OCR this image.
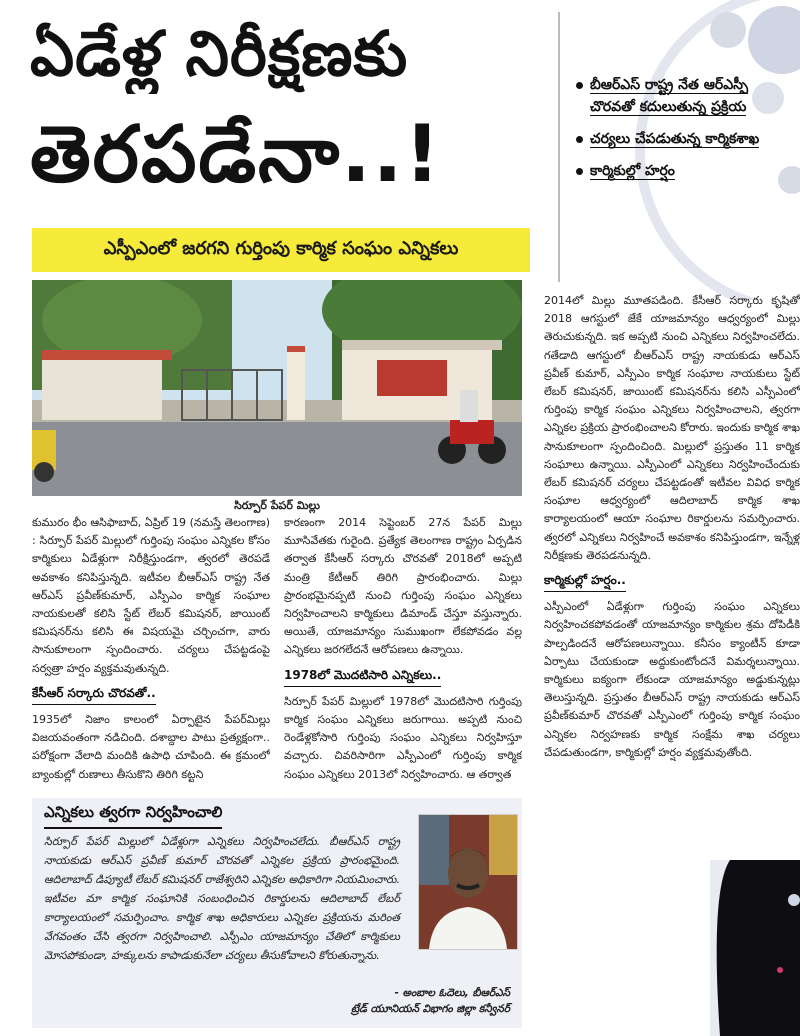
ఏడేళ్ల నిరీక్షణకు
తెరపడేనా..!
ఎస్పీఎంలో జరగని గుర్తింపు కార్మిక సంఘం ఎన్నికలు
బీఆర్ఎస్ రాష్ట్ర నేత ఆర్ఎస్పీ చొరవతో కదులుతున్న ప్రక్రియ
చర్యలు చేపడుతున్న కార్మికశాఖ
కార్మికుల్లో హర్షం
సిర్పూర్ పేపర్ మిల్లు
కుమురం భీం ఆసిఫాబాద్, ఏప్రిల్ 19 (నమస్తే తెలంగాణ) : సిర్పూర్ పేపర్ మిల్లులో గుర్తింపు సంఘం ఎన్నికల కోసం కార్మికులు ఏడేళ్లుగా నిరీక్షిస్తుండగా, త్వరలో తెరపడే అవకాశం కనిపిస్తున్నది. ఇటీవల బీఆర్ఎస్ రాష్ట్ర నేత ఆర్ఎస్ ప్రవీణ్‌కుమార్, ఎస్పీఎం కార్మిక సంఘాల నాయకులతో కలిసి స్టేట్ లేబర్ కమిషనర్, జాయింట్ కమిషనర్‌ను కలిసి ఈ విషయమై చర్చించగా, వారు సానుకూలంగా స్పందించారు. చర్యలు చేపట్టడంపై సర్వత్రా హర్షం వ్యక్తమవుతున్నది.
కేసీఆర్ సర్కారు చొరవతో..
1935లో నిజాం కాలంలో ఏర్పాటైన పేపర్‌మిల్లు విజయవంతంగా నడిచింది. దశాబ్దాల పాటు ప్రత్యక్షంగా.. పరోక్షంగా వేలాది మందికి ఉపాధి చూపింది. ఈ క్రమంలో బ్యాంకుల్లో రుణాలు తీసుకొని తిరిగి కట్టని
కారణంగా 2014 సెప్టెంబర్ 27న పేపర్ మిల్లు మూసివేతకు గురైంది. ప్రత్యేక తెలంగాణ రాష్ట్రం ఏర్పడిన తర్వాత కేసీఆర్ సర్కారు చొరవతో 2018లో అప్పటి మంత్రి కేటీఆర్ తిరిగి ప్రారంభించారు. మిల్లు ప్రారంభమైనప్పటి నుంచి గుర్తింపు సంఘం ఎన్నికలు నిర్వహించాలని కార్మికులు డిమాండ్ చేస్తూ వస్తున్నారు. అయితే, యాజమాన్యం సుముఖంగా లేకపోవడం వల్ల ఎన్నికలు జరగలేదనే ఆరోపణలు ఉన్నాయి.
1978లో మొదటిసారి ఎన్నికలు..
సిర్పూర్ పేపర్ మిల్లులో 1978లో మొదటిసారి గుర్తింపు కార్మిక సంఘం ఎన్నికలు జరుగాయి. అప్పటి నుంచి రెండేళ్లకోసారి గుర్తింపు సంఘం ఎన్నికలు నిర్వహిస్తూ వచ్చారు. చివరిసారిగా ఎస్పీఎంలో గుర్తింపు కార్మిక సంఘం ఎన్నికలు 2013లో నిర్వహించారు. ఆ తర్వాత
2014లో మిల్లు మూతపడింది. కేసీఆర్ సర్కారు కృషితో 2018 ఆగస్టులో జేకే యాజమాన్యం ఆధ్వర్యంలో మిల్లు తెరుచుకున్నది. ఇక అప్పటి నుంచి ఎన్నికలు నిర్వహించలేదు. గతేడాది ఆగస్టులో బీఆర్ఎస్ రాష్ట్ర నాయకుడు ఆర్ఎస్ ప్రవీణ్ కుమార్, ఎస్పీఎం కార్మిక సంఘాల నాయకులు స్టేట్ లేబర్ కమిషనర్, జాయింట్ కమిషనర్‌ను కలిసి ఎస్పీఎంలో గుర్తింపు కార్మిక సంఘం ఎన్నికలు నిర్వహించాలని, త్వరగా ఎన్నికల ప్రక్రియ ప్రారంభించాలని కోరారు. ఇందుకు కార్మిక శాఖ సానుకూలంగా స్పందించింది. మిల్లులో ప్రస్తుతం 11 కార్మిక సంఘాలు ఉన్నాయి. ఎస్పీఎంలో ఎన్నికలు నిర్వహించేందుకు లేబర్ కమిషనర్ చర్యలు చేపట్టడంతో ఇటీవల వివిధ కార్మిక సంఘాల ఆధ్వర్యంలో ఆదిలాబాద్ కార్మిక శాఖ కార్యాలయంలో ఆయా సంఘాల రికార్డులను సమర్పించారు. త్వరలో ఎన్నికలు నిర్వహించే అవకాశం కనిపిస్తుండగా, ఇన్నేళ్ల నిరీక్షణకు తెరపడనున్నది.
కార్మికుల్లో హర్షం..
ఎస్పీఎంలో ఏడేళ్లుగా గుర్తింపు సంఘం ఎన్నికలు నిర్వహించకపోవడంతో యాజమాన్యం కార్మికుల శ్రమ దోపిడీకి పాల్పడిందనే ఆరోపణలున్నాయి. కనీసం క్యాంటీన్ కూడా ఏర్పాటు చేయకుండా అద్దుకుంటోందనే విమర్శలున్నాయి. కార్మికులు ఐక్యంగా లేకుండా యాజమాన్యం అడ్డుకున్నట్లు తెలుస్తున్నది. ప్రస్తుతం బీఆర్ఎస్ రాష్ట్ర నాయకుడు ఆర్ఎస్ ప్రవీణ్‌కుమార్ చొరవతో ఎస్పీఎంలో గుర్తింపు కార్మిక సంఘం ఎన్నికల నిర్వహణకు కార్మిక సంక్షేమ శాఖ చర్యలు చేపడుతుండగా, కార్మికుల్లో హర్షం వ్యక్తమవుతోంది.
ఎన్నికలు త్వరగా నిర్వహించాలి
సిర్పూర్ పేపర్ మిల్లులో ఏడేళ్లుగా ఎన్నికలు నిర్వహించలేదు. బీఆర్ఎస్ రాష్ట్ర నాయకుడు ఆర్ఎస్ ప్రవీణ్ కుమార్ చొరవతో ఎన్నికల ప్రక్రియ ప్రారంభమైంది. ఆదిలాబాద్ డిప్యూటీ లేబర్ కమిషనర్ రాజేశ్వరిని ఎన్నికల అధికారిగా నియమించారు. ఇటీవల మా కార్మిక సంఘానికి సంబంధించిన రికార్డులను ఆదిలాబాద్ లేబర్ కార్యాలయంలో సమర్పించాం. కార్మిక శాఖ అధికారులు ఎన్నికల ప్రక్రియను మరింత వేగవంతం చేసి త్వరగా నిర్వహించాలి. ఎస్పీఎం యాజమాన్యం చేతిలో కార్మికులు మోసపోకుండా, హక్కులను కాపాడుకునేలా చర్యలు తీసుకోవాలని కోరుతున్నాను.
- అంబాల ఓదెలు, బీఆర్ఎస్
ట్రేడ్ యూనియన్ విభాగం జిల్లా కన్వీనర్
